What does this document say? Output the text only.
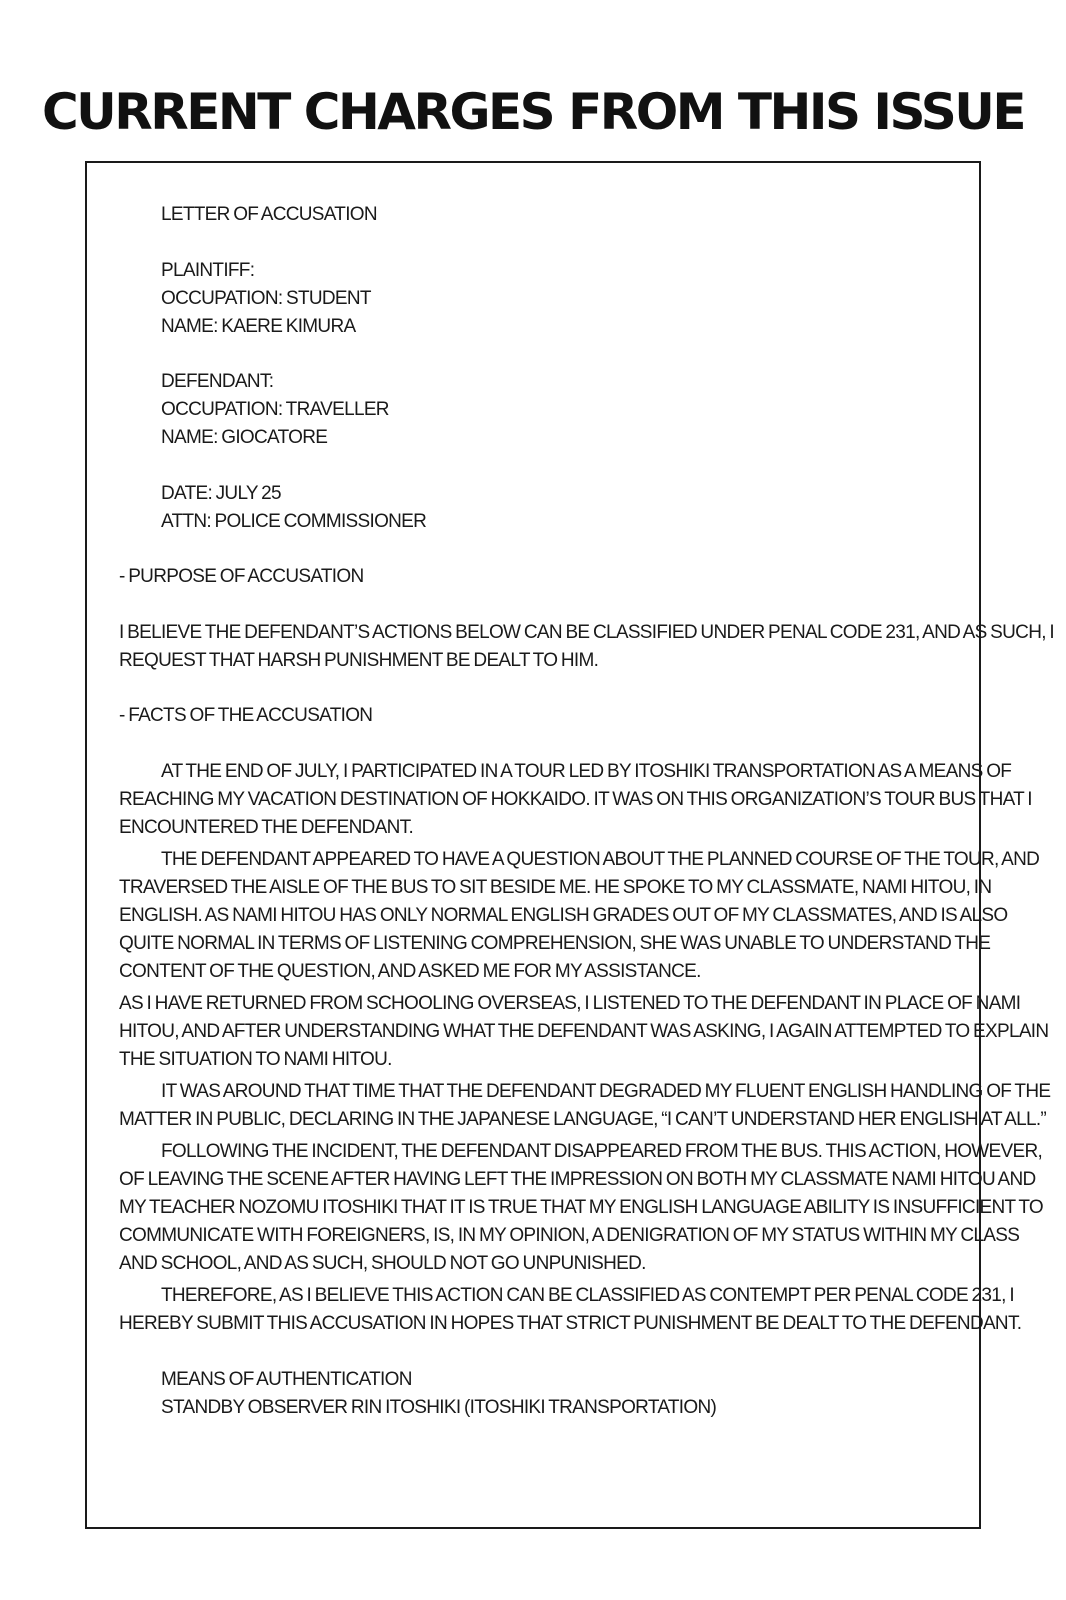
CURRENT CHARGES FROM THIS ISSUE
LETTER OF ACCUSATION
PLAINTIFF:
OCCUPATION: STUDENT
NAME: KAERE KIMURA
DEFENDANT:
OCCUPATION: TRAVELLER
NAME: GIOCATORE
DATE: JULY 25
ATTN: POLICE COMMISSIONER
- PURPOSE OF ACCUSATION
I BELIEVE THE DEFENDANT’S ACTIONS BELOW CAN BE CLASSIFIED UNDER PENAL CODE 231, AND AS SUCH, I
REQUEST THAT HARSH PUNISHMENT BE DEALT TO HIM.
- FACTS OF THE ACCUSATION
AT THE END OF JULY, I PARTICIPATED IN A TOUR LED BY ITOSHIKI TRANSPORTATION AS A MEANS OF
REACHING MY VACATION DESTINATION OF HOKKAIDO. IT WAS ON THIS ORGANIZATION’S TOUR BUS THAT I
ENCOUNTERED THE DEFENDANT.
THE DEFENDANT APPEARED TO HAVE A QUESTION ABOUT THE PLANNED COURSE OF THE TOUR, AND
TRAVERSED THE AISLE OF THE BUS TO SIT BESIDE ME. HE SPOKE TO MY CLASSMATE, NAMI HITOU, IN
ENGLISH. AS NAMI HITOU HAS ONLY NORMAL ENGLISH GRADES OUT OF MY CLASSMATES, AND IS ALSO
QUITE NORMAL IN TERMS OF LISTENING COMPREHENSION, SHE WAS UNABLE TO UNDERSTAND THE
CONTENT OF THE QUESTION, AND ASKED ME FOR MY ASSISTANCE.
AS I HAVE RETURNED FROM SCHOOLING OVERSEAS, I LISTENED TO THE DEFENDANT IN PLACE OF NAMI
HITOU, AND AFTER UNDERSTANDING WHAT THE DEFENDANT WAS ASKING, I AGAIN ATTEMPTED TO EXPLAIN
THE SITUATION TO NAMI HITOU.
IT WAS AROUND THAT TIME THAT THE DEFENDANT DEGRADED MY FLUENT ENGLISH HANDLING OF THE
MATTER IN PUBLIC, DECLARING IN THE JAPANESE LANGUAGE, “I CAN’T UNDERSTAND HER ENGLISH AT ALL.”
FOLLOWING THE INCIDENT, THE DEFENDANT DISAPPEARED FROM THE BUS. THIS ACTION, HOWEVER,
OF LEAVING THE SCENE AFTER HAVING LEFT THE IMPRESSION ON BOTH MY CLASSMATE NAMI HITOU AND
MY TEACHER NOZOMU ITOSHIKI THAT IT IS TRUE THAT MY ENGLISH LANGUAGE ABILITY IS INSUFFICIENT TO
COMMUNICATE WITH FOREIGNERS, IS, IN MY OPINION, A DENIGRATION OF MY STATUS WITHIN MY CLASS
AND SCHOOL, AND AS SUCH, SHOULD NOT GO UNPUNISHED.
THEREFORE, AS I BELIEVE THIS ACTION CAN BE CLASSIFIED AS CONTEMPT PER PENAL CODE 231, I
HEREBY SUBMIT THIS ACCUSATION IN HOPES THAT STRICT PUNISHMENT BE DEALT TO THE DEFENDANT.
MEANS OF AUTHENTICATION
STANDBY OBSERVER RIN ITOSHIKI (ITOSHIKI TRANSPORTATION)
